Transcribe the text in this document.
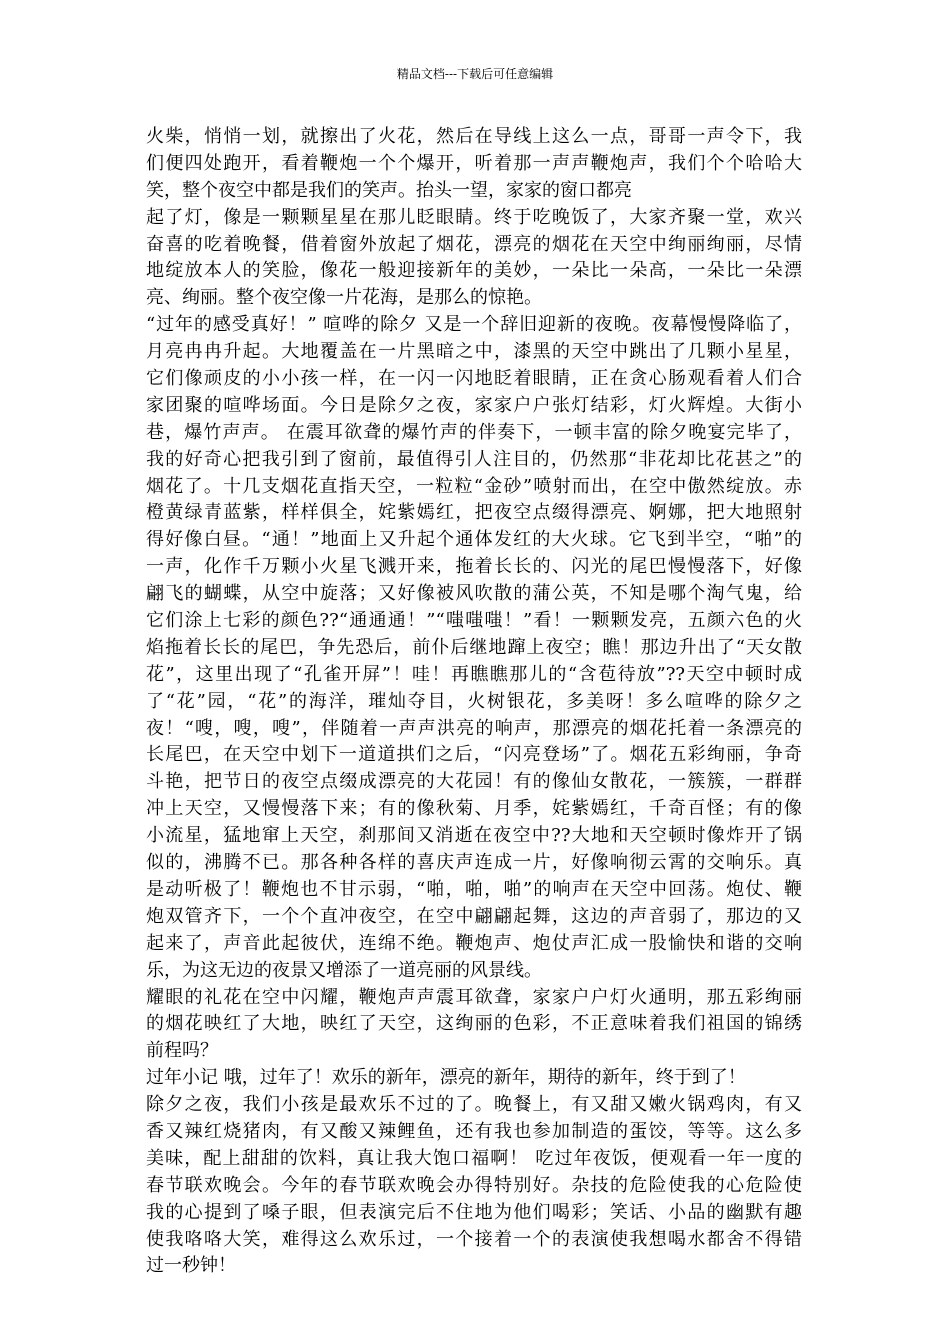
精品文档---下载后可任意编辑
火柴，悄悄一划，就擦出了火花，然后在导线上这么一点，哥哥一声令下，我
们便四处跑开，看着鞭炮一个个爆开，听着那一声声鞭炮声，我们个个哈哈大
笑，整个夜空中都是我们的笑声。抬头一望，家家的窗口都亮
起了灯，像是一颗颗星星在那儿眨眼睛。终于吃晚饭了，大家齐聚一堂，欢兴
奋喜的吃着晚餐，借着窗外放起了烟花，漂亮的烟花在天空中绚丽绚丽，尽情
地绽放本人的笑脸，像花一般迎接新年的美妙，一朵比一朵高，一朵比一朵漂
亮、绚丽。整个夜空像一片花海，是那么的惊艳。
“过年的感受真好！” 喧哗的除夕 又是一个辞旧迎新的夜晚。夜幕慢慢降临了，
月亮冉冉升起。大地覆盖在一片黑暗之中，漆黑的天空中跳出了几颗小星星，
它们像顽皮的小小孩一样，在一闪一闪地眨着眼睛，正在贪心肠观看着人们合
家团聚的喧哗场面。今日是除夕之夜，家家户户张灯结彩，灯火辉煌。大街小
巷，爆竹声声。 在震耳欲聋的爆竹声的伴奏下，一顿丰富的除夕晚宴完毕了，
我的好奇心把我引到了窗前，最值得引人注目的，仍然那“非花却比花甚之”的
烟花了。十几支烟花直指天空，一粒粒“金砂”喷射而出，在空中傲然绽放。赤
橙黄绿青蓝紫，样样俱全，姹紫嫣红，把夜空点缀得漂亮、婀娜，把大地照射
得好像白昼。“通！”地面上又升起个通体发红的大火球。它飞到半空，“啪”的
一声，化作千万颗小火星飞溅开来，拖着长长的、闪光的尾巴慢慢落下，好像
翩飞的蝴蝶，从空中旋落；又好像被风吹散的蒲公英，不知是哪个淘气鬼，给
它们涂上七彩的颜色??“通通通！”“嗤嗤嗤！”看！一颗颗发亮，五颜六色的火
焰拖着长长的尾巴，争先恐后，前仆后继地蹿上夜空；瞧！那边升出了“天女散
花”，这里出现了“孔雀开屏”！哇！再瞧瞧那儿的“含苞待放”??天空中顿时成
了“花”园，“花”的海洋，璀灿夺目，火树银花，多美呀！多么喧哗的除夕之
夜！“嗖，嗖，嗖”，伴随着一声声洪亮的响声，那漂亮的烟花托着一条漂亮的
长尾巴，在天空中划下一道道拱们之后，“闪亮登场”了。烟花五彩绚丽，争奇
斗艳，把节日的夜空点缀成漂亮的大花园！有的像仙女散花，一簇簇，一群群
冲上天空，又慢慢落下来；有的像秋菊、月季，姹紫嫣红，千奇百怪；有的像
小流星，猛地窜上天空，刹那间又消逝在夜空中??大地和天空顿时像炸开了锅
似的，沸腾不已。那各种各样的喜庆声连成一片，好像响彻云霄的交响乐。真
是动听极了！鞭炮也不甘示弱，“啪，啪，啪”的响声在天空中回荡。炮仗、鞭
炮双管齐下，一个个直冲夜空，在空中翩翩起舞，这边的声音弱了，那边的又
起来了，声音此起彼伏，连绵不绝。鞭炮声、炮仗声汇成一股愉快和谐的交响
乐，为这无边的夜景又增添了一道亮丽的风景线。
耀眼的礼花在空中闪耀，鞭炮声声震耳欲聋，家家户户灯火通明，那五彩绚丽
的烟花映红了大地，映红了天空，这绚丽的色彩，不正意味着我们祖国的锦绣
前程吗？
过年小记 哦，过年了！欢乐的新年，漂亮的新年，期待的新年，终于到了！
除夕之夜，我们小孩是最欢乐不过的了。晚餐上，有又甜又嫩火锅鸡肉，有又
香又辣红烧猪肉，有又酸又辣鲤鱼，还有我也参加制造的蛋饺，等等。这么多
美味，配上甜甜的饮料，真让我大饱口福啊！ 吃过年夜饭，便观看一年一度的
春节联欢晚会。今年的春节联欢晚会办得特别好。杂技的危险使我的心危险使
我的心提到了嗓子眼，但表演完后不住地为他们喝彩；笑话、小品的幽默有趣
使我咯咯大笑，难得这么欢乐过，一个接着一个的表演使我想喝水都舍不得错
过一秒钟！
